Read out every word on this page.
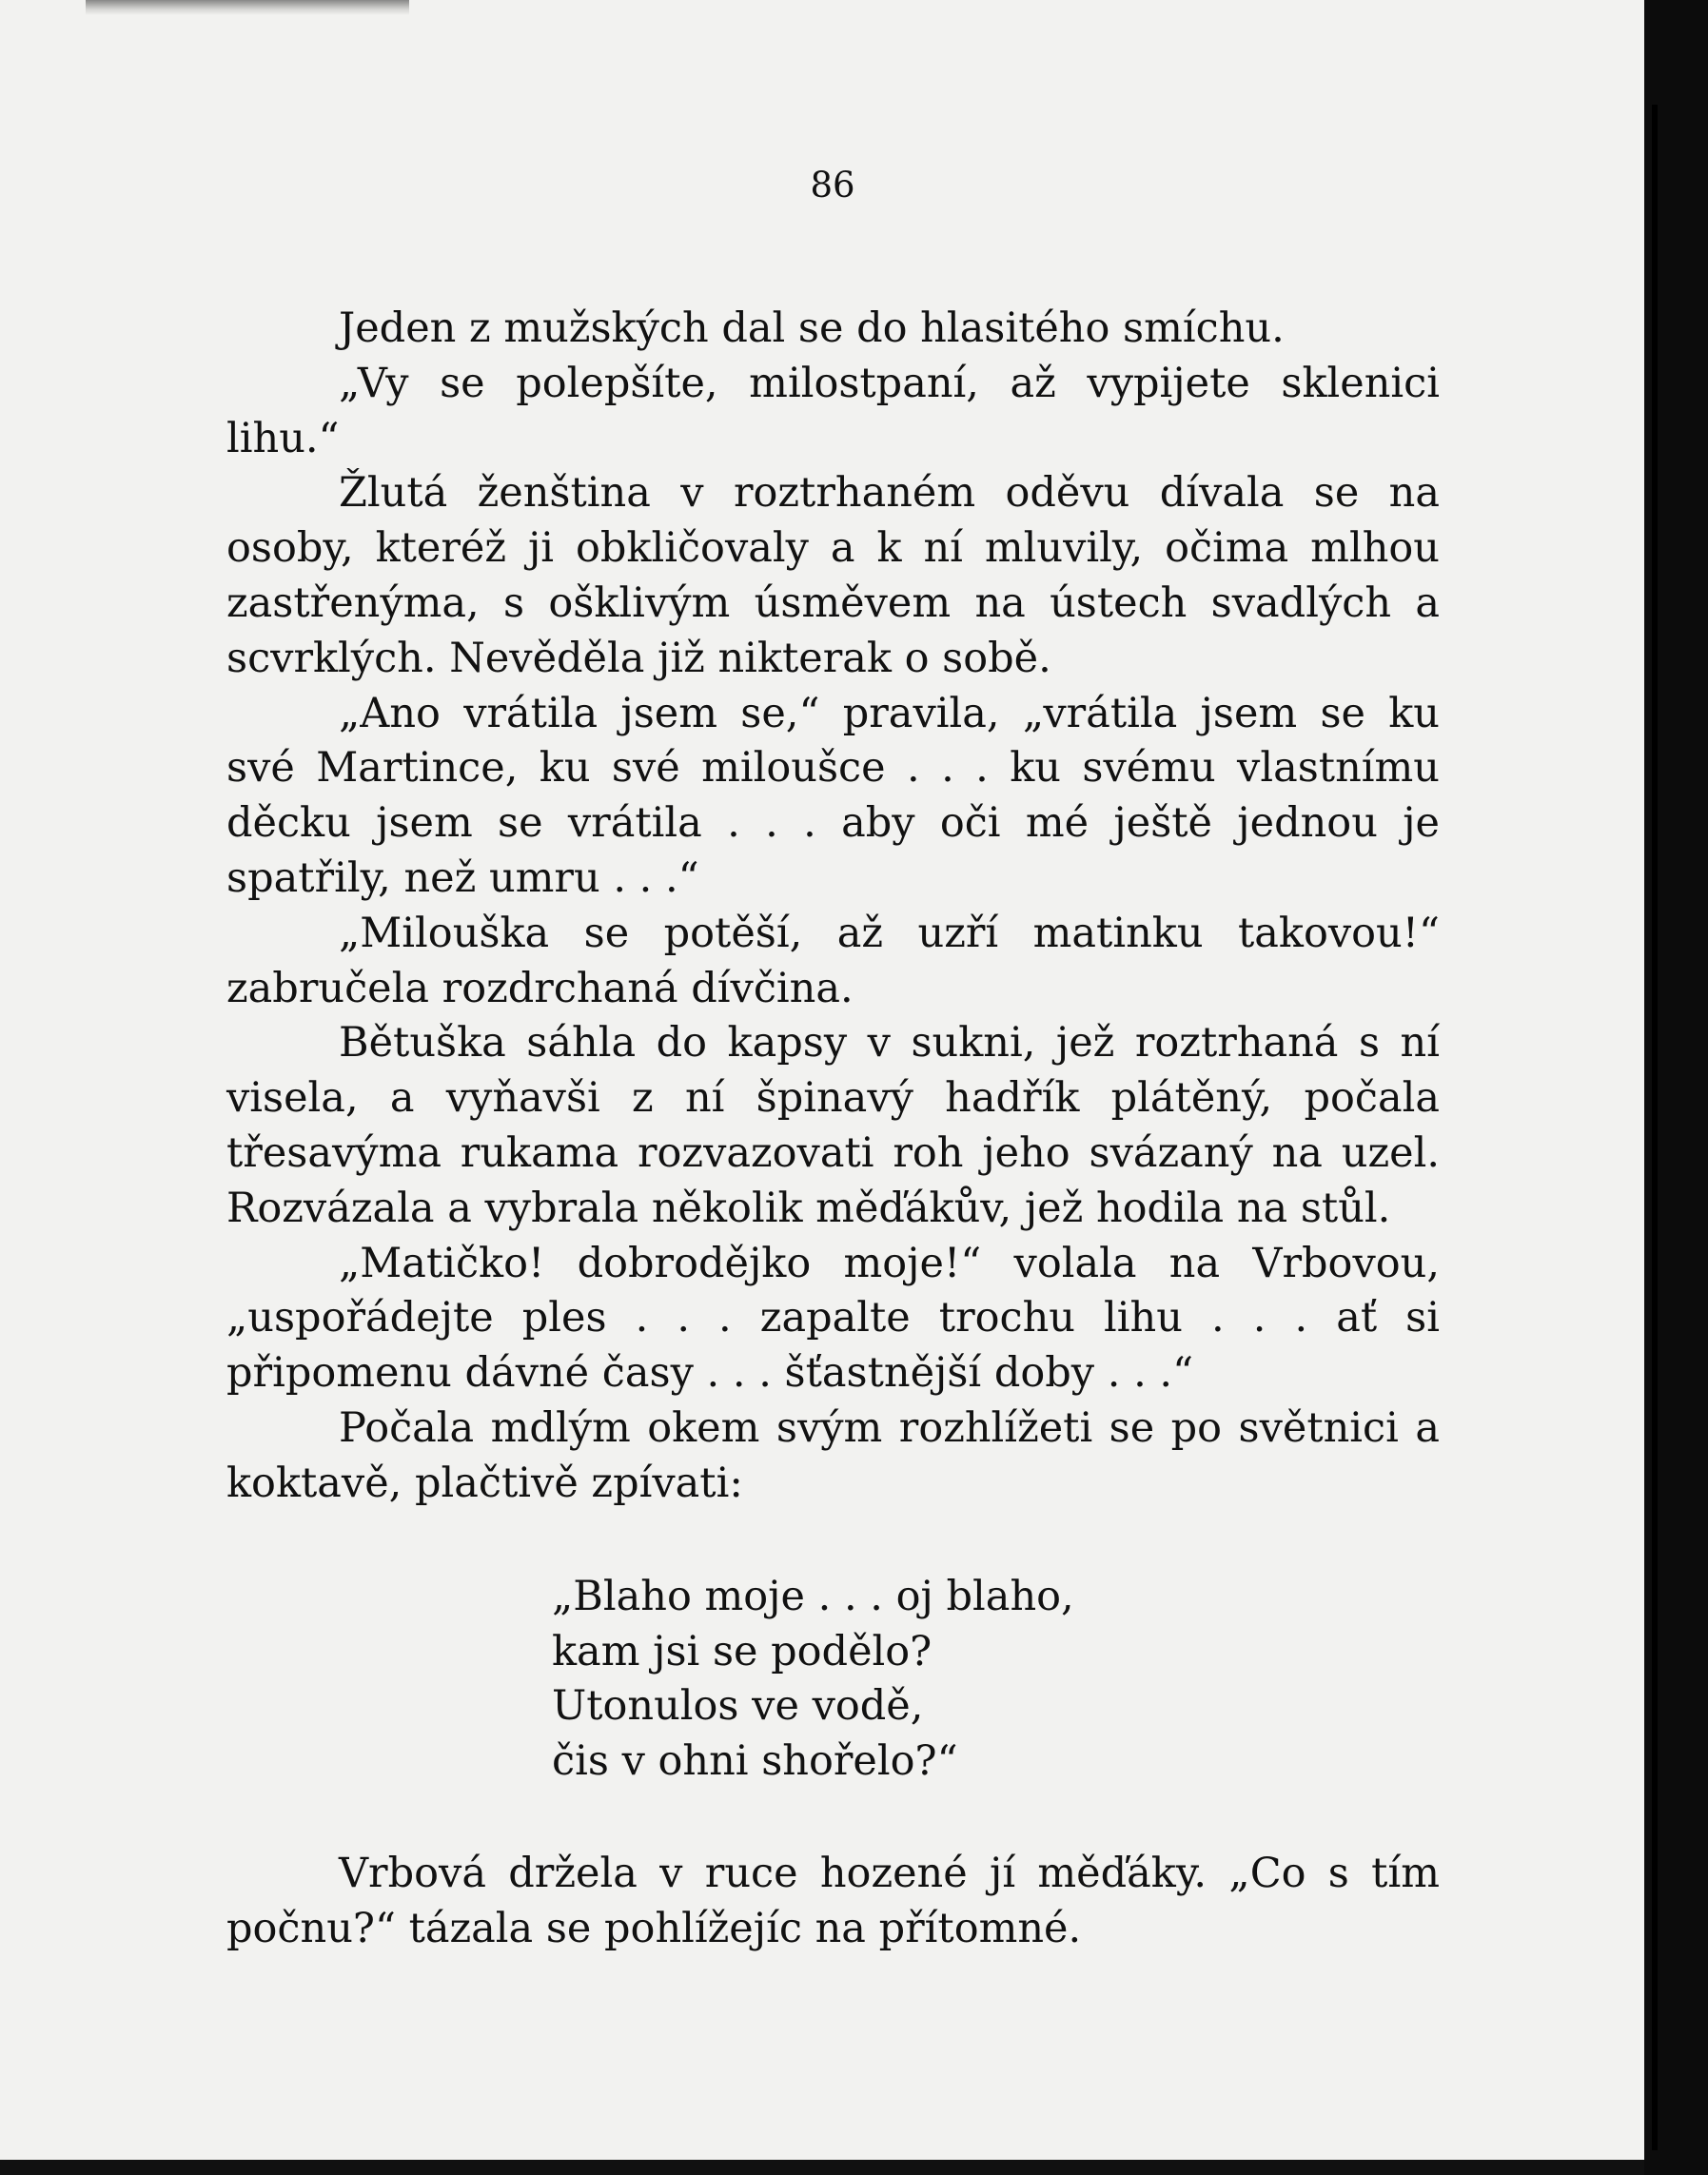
86

Jeden z mužských dal se do hlasitého smíchu.

„Vy se polepšíte, milostpaní, až vypijete sklenici lihu.“

Žlutá ženština v roztrhaném oděvu dívala se na osoby, kteréž ji obkličovaly a k ní mluvily, očima mlhou zastřenýma, s ošklivým úsměvem na ústech svadlých a scvrklých. Nevěděla již nikterak o sobě.

„Ano vrátila jsem se,“ pravila, „vrátila jsem se ku své Martince, ku své miloušce . . . ku svému vlastnímu děcku jsem se vrátila . . . aby oči mé ještě jednou je spatřily, než umru . . .“

„Milouška se potěší, až uzří matinku takovou!“ zabručela rozdrchaná dívčina.

Bětuška sáhla do kapsy v sukni, jež roztrhaná s ní visela, a vyňavši z ní špinavý hadřík plátěný, počala třesavýma rukama rozvazovati roh jeho svázaný na uzel. Rozvázala a vybrala několik měďákův, jež hodila na stůl.

„Matičko! dobrodějko moje!“ volala na Vrbovou, „uspořádejte ples . . . zapalte trochu lihu . . . ať si připomenu dávné časy . . . šťastnější doby . . .“

Počala mdlým okem svým rozhlížeti se po světnici a koktavě, plačtivě zpívati:

„Blaho moje . . . oj blaho,
kam jsi se podělo?
Utonulos ve vodě,
čis v ohni shořelo?“

Vrbová držela v ruce hozené jí měďáky. „Co s tím počnu?“ tázala se pohlížejíc na přítomné.
